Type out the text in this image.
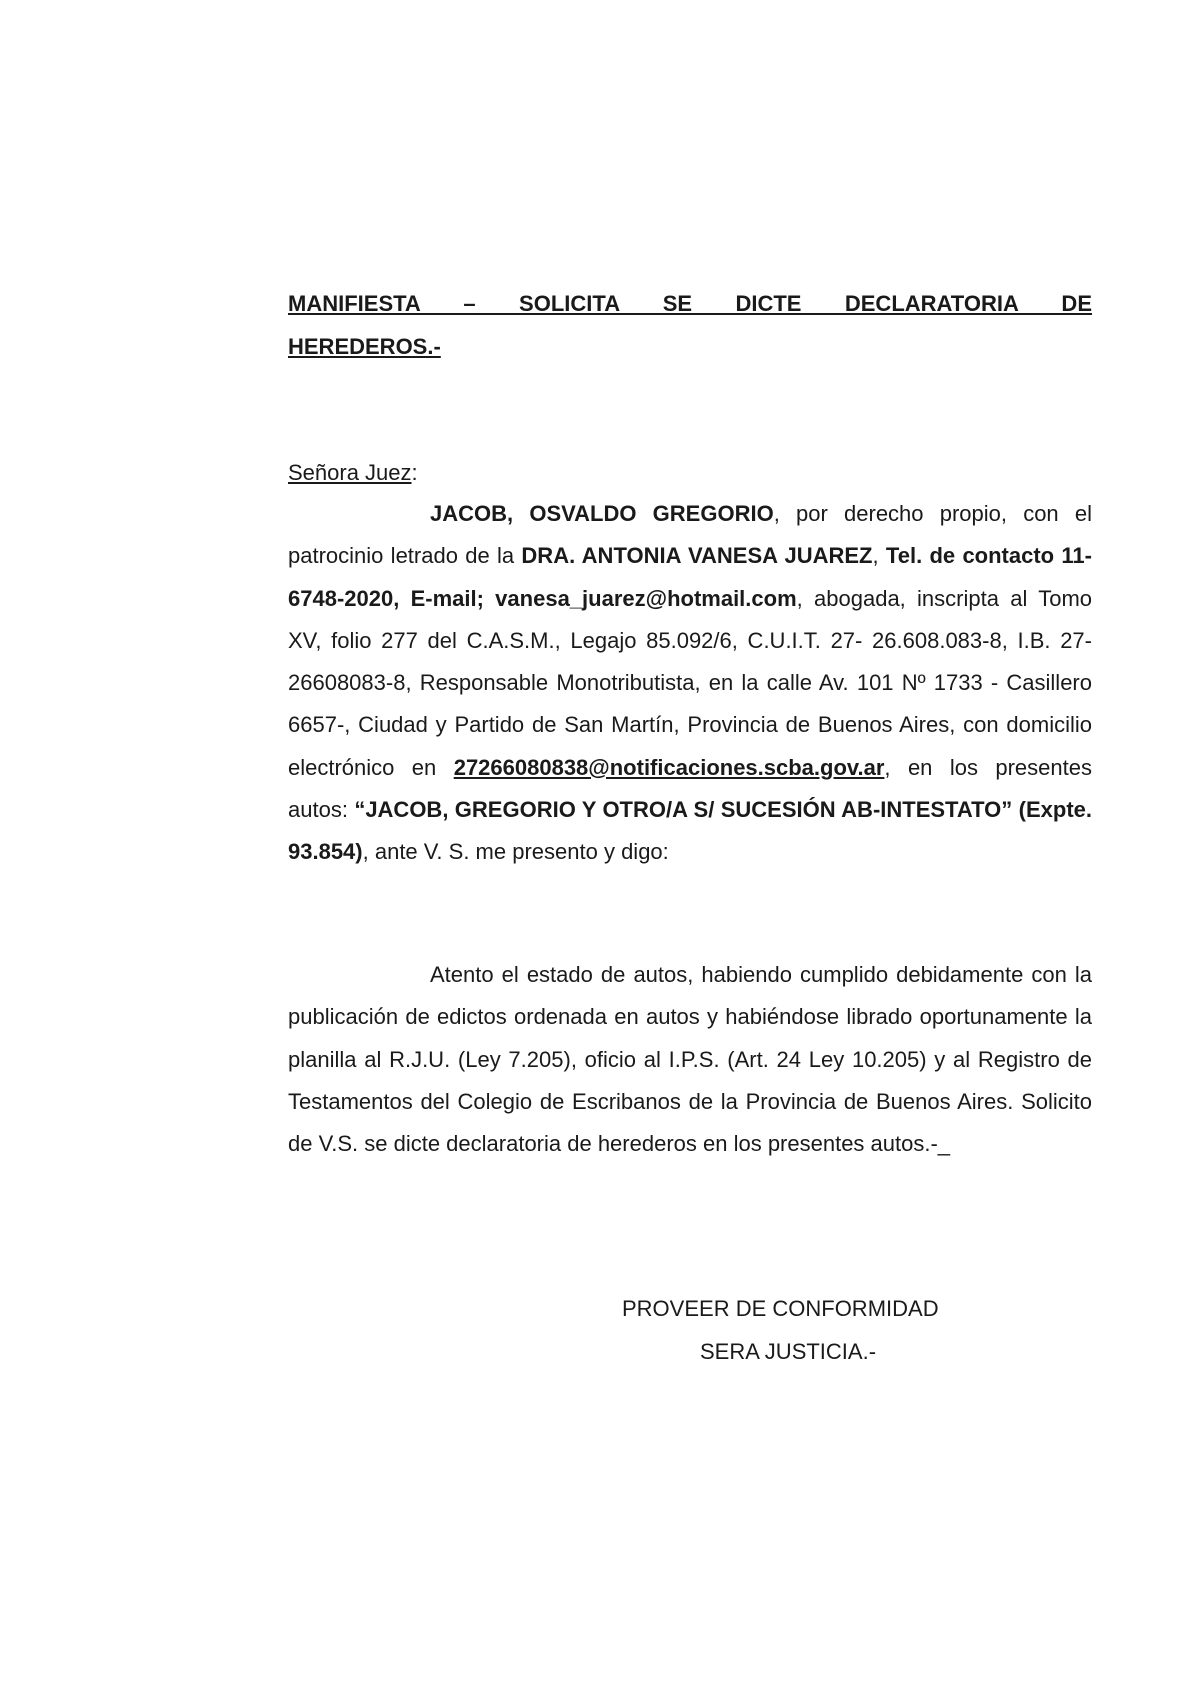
MANIFIESTA – SOLICITA SE DICTE DECLARATORIA DE
HEREDEROS.-
Señora Juez:
JACOB, OSVALDO GREGORIO, por derecho propio, con el patrocinio letrado de la DRA. ANTONIA VANESA JUAREZ, Tel. de contacto 11-6748-2020, E-mail; vanesa_juarez@hotmail.com, abogada, inscripta al Tomo XV, folio 277 del C.A.S.M., Legajo 85.092/6, C.U.I.T. 27- 26.608.083-8, I.B. 27-26608083-8, Responsable Monotributista, en la calle Av. 101 Nº 1733 - Casillero 6657-, Ciudad y Partido de San Martín, Provincia de Buenos Aires, con domicilio electrónico en 27266080838@notificaciones.scba.gov.ar, en los presentes autos: “JACOB, GREGORIO Y OTRO/A S/ SUCESIÓN AB-INTESTATO” (Expte. 93.854), ante V. S. me presento y digo:
Atento el estado de autos, habiendo cumplido debidamente con la publicación de edictos ordenada en autos y habiéndose librado oportunamente la planilla al R.J.U. (Ley 7.205), oficio al I.P.S. (Art. 24 Ley 10.205) y al Registro de Testamentos del Colegio de Escribanos de la Provincia de Buenos Aires. Solicito de V.S. se dicte declaratoria de herederos en los presentes autos.-_
PROVEER DE CONFORMIDAD
SERA JUSTICIA.-
